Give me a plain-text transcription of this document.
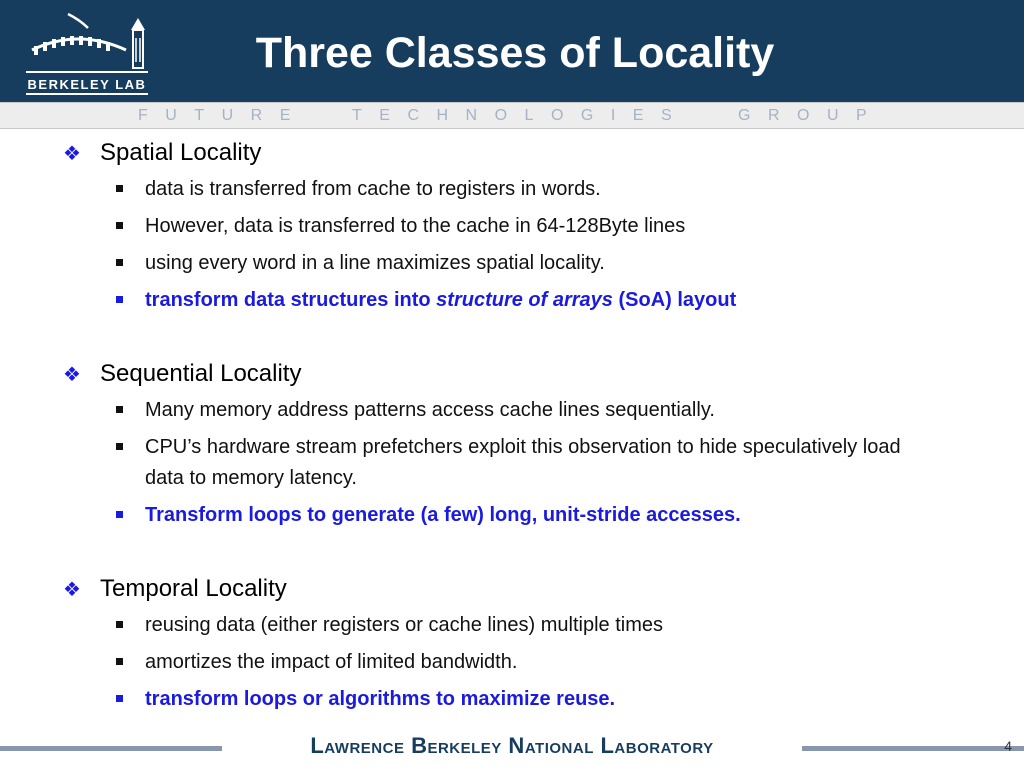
BERKELEY LAB
Three Classes of Locality
FUTURE	TECHNOLOGIES	GROUP
❖ Spatial Locality
data is transferred from cache to registers in words.
However, data is transferred to the cache in 64-128Byte lines
using every word in a line maximizes spatial locality.
transform data structures into structure of arrays (SoA) layout
❖ Sequential Locality
Many memory address patterns access cache lines sequentially.
CPU’s hardware stream prefetchers exploit this observation to hide speculatively load data to memory latency.
Transform loops to generate (a few) long, unit-stride accesses.
❖ Temporal Locality
reusing data (either registers or cache lines) multiple times
amortizes the impact of limited bandwidth.
transform loops or algorithms to maximize reuse.
Lawrence Berkeley National Laboratory	4
